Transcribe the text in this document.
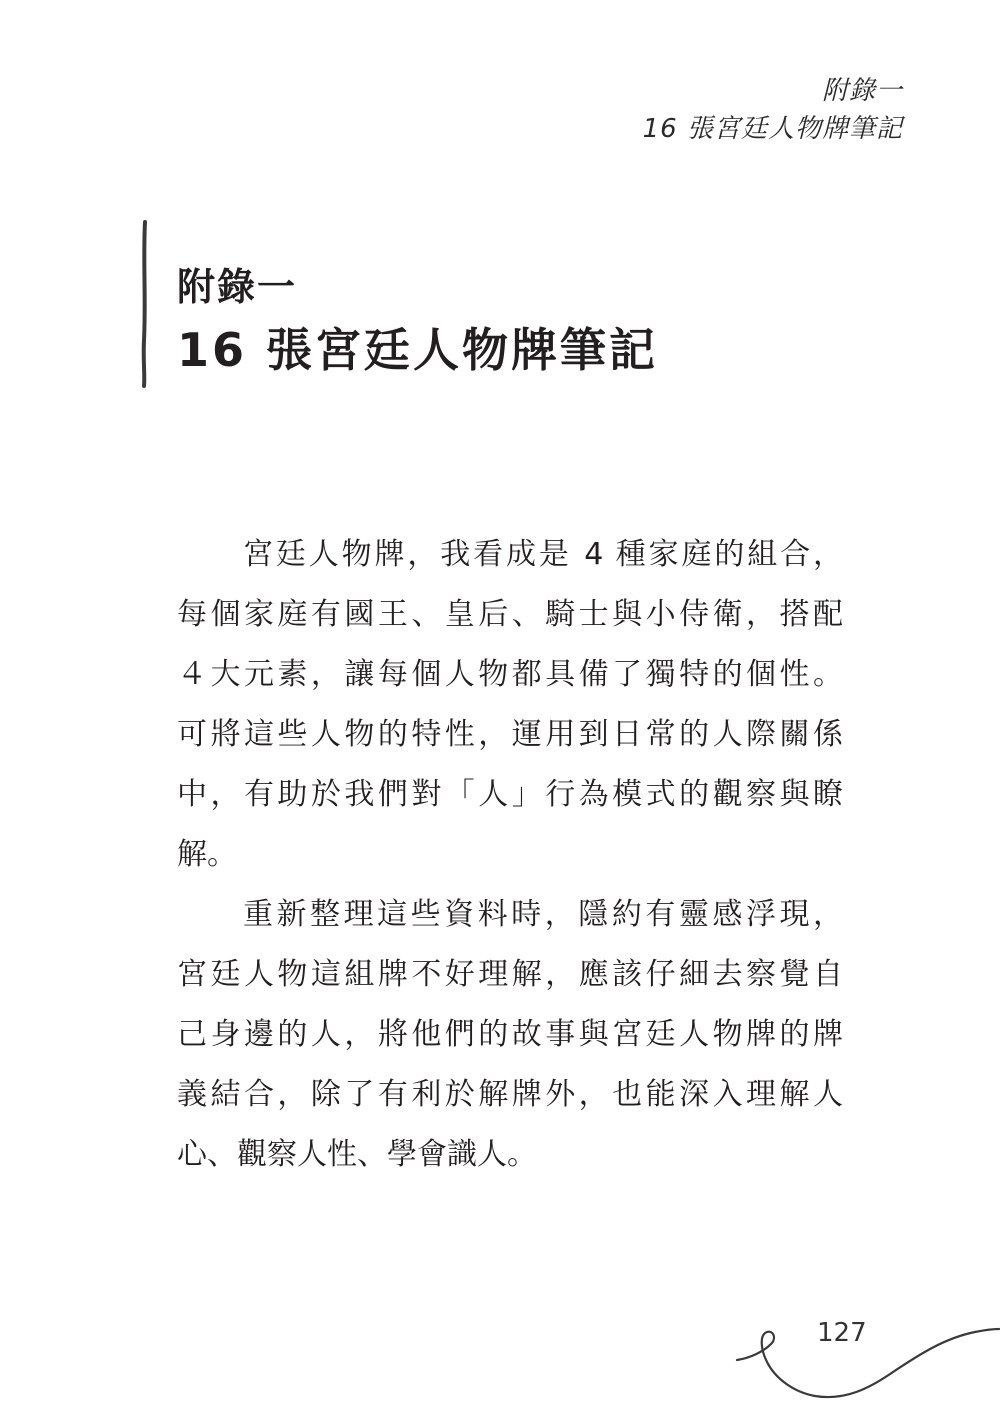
附錄一
16 張宮廷人物牌筆記
附錄一
16 張宮廷人物牌筆記
宮廷人物牌，我看成是 4 種家庭的組合，
每個家庭有國王、皇后、騎士與小侍衛，搭配
４大元素，讓每個人物都具備了獨特的個性。
可將這些人物的特性，運用到日常的人際關係
中，有助於我們對「人」行為模式的觀察與瞭
解。
重新整理這些資料時，隱約有靈感浮現，
宮廷人物這組牌不好理解，應該仔細去察覺自
己身邊的人，將他們的故事與宮廷人物牌的牌
義結合，除了有利於解牌外，也能深入理解人
心、觀察人性、學會識人。
127
